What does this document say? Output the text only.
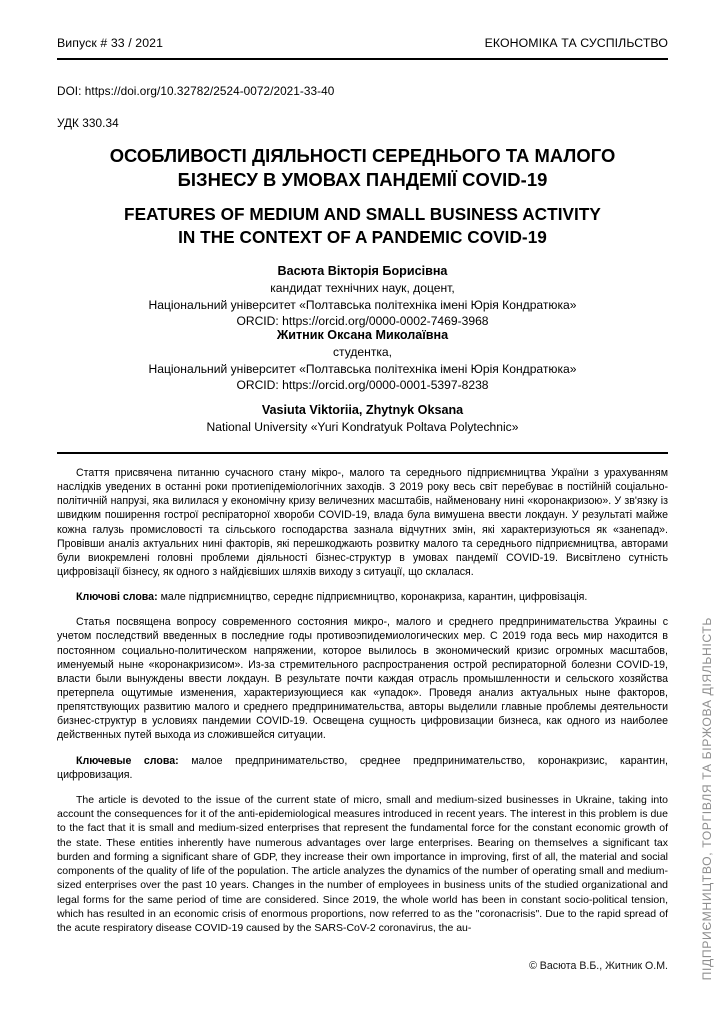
Випуск # 33 / 2021	ЕКОНОМІКА ТА СУСПІЛЬСТВО
DOI: https://doi.org/10.32782/2524-0072/2021-33-40
УДК 330.34
ОСОБЛИВОСТІ ДІЯЛЬНОСТІ СЕРЕДНЬОГО ТА МАЛОГО
БІЗНЕСУ В УМОВАХ ПАНДЕМІЇ COVID-19
FEATURES OF MEDIUM AND SMALL BUSINESS ACTIVITY
IN THE CONTEXT OF A PANDEMIC COVID-19
Васюта Вікторія Борисівна
кандидат технічних наук, доцент,
Національний університет «Полтавська політехніка імені Юрія Кондратюка»
ORCID: https://orcid.org/0000-0002-7469-3968
Житник Оксана Миколаївна
студентка,
Національний університет «Полтавська політехніка імені Юрія Кондратюка»
ORCID: https://orcid.org/0000-0001-5397-8238
Vasiuta Viktoriia, Zhytnyk Oksana
National University «Yuri Kondratyuk Poltava Polytechnic»

Стаття присвячена питанню сучасного стану мікро-, малого та середнього підприємництва України з урахуванням наслідків уведених в останні роки протиепідеміологічних заходів. З 2019 року весь світ перебуває в постійній соціально-політичній напрузі, яка вилилася у економічну кризу величезних масштабів, найменовану нині «коронакризою». У зв'язку із швидким поширення гострої респіраторної хвороби COVID-19, влада була вимушена ввести локдаун. У результаті майже кожна галузь промисловості та сільського господарства зазнала відчутних змін, які характеризуються як «занепад». Провівши аналіз актуальних нині факторів, які перешкоджають розвитку малого та середнього підприємництва, авторами були виокремлені головні проблеми діяльності бізнес-структур в умовах пандемії COVID-19. Висвітлено сутність цифровізації бізнесу, як одного з найдієвіших шляхів виходу з ситуації, що склалася.

Ключові слова: мале підприємництво, середнє підприємництво, коронакриза, карантин, цифровізація.

Статья посвящена вопросу современного состояния микро-, малого и среднего предпринимательства Украины с учетом последствий введенных в последние годы противоэпидемиологических мер. С 2019 года весь мир находится в постоянном социально-политическом напряжении, которое вылилось в экономический кризис огромных масштабов, именуемый ныне «коронакризисом». Из-за стремительного распространения острой респираторной болезни COVID-19, власти были вынуждены ввести локдаун. В результате почти каждая отрасль промышленности и сельского хозяйства претерпела ощутимые изменения, характеризующиеся как «упадок». Проведя анализ актуальных ныне факторов, препятствующих развитию малого и среднего предпринимательства, авторы выделили главные проблемы деятельности бизнес-структур в условиях пандемии COVID-19. Освещена сущность цифровизации бизнеса, как одного из наиболее действенных путей выхода из сложившейся ситуации.

Ключевые слова: малое предпринимательство, среднее предпринимательство, коронакризис, карантин, цифровизация.

The article is devoted to the issue of the current state of micro, small and medium-sized businesses in Ukraine, taking into account the consequences for it of the anti-epidemiological measures introduced in recent years. The interest in this problem is due to the fact that it is small and medium-sized enterprises that represent the fundamental force for the constant economic growth of the state. These entities inherently have numerous advantages over large enterprises. Bearing on themselves a significant tax burden and forming a significant share of GDP, they increase their own importance in improving, first of all, the material and social components of the quality of life of the population. The article analyzes the dynamics of the number of operating small and medium-sized enterprises over the past 10 years. Changes in the number of employees in business units of the studied organizational and legal forms for the same period of time are considered. Since 2019, the whole world has been in constant socio-political tension, which has resulted in an economic crisis of enormous proportions, now referred to as the "coronacrisis". Due to the rapid spread of the acute respiratory disease COVID-19 caused by the SARS-CoV-2 coronavirus, the au-	ПІДПРИЄМНИЦТВО, ТОРГІВЛЯ ТА БІРЖОВА ДІЯЛЬНІСТЬ
© Васюта В.Б., Житник О.М.
